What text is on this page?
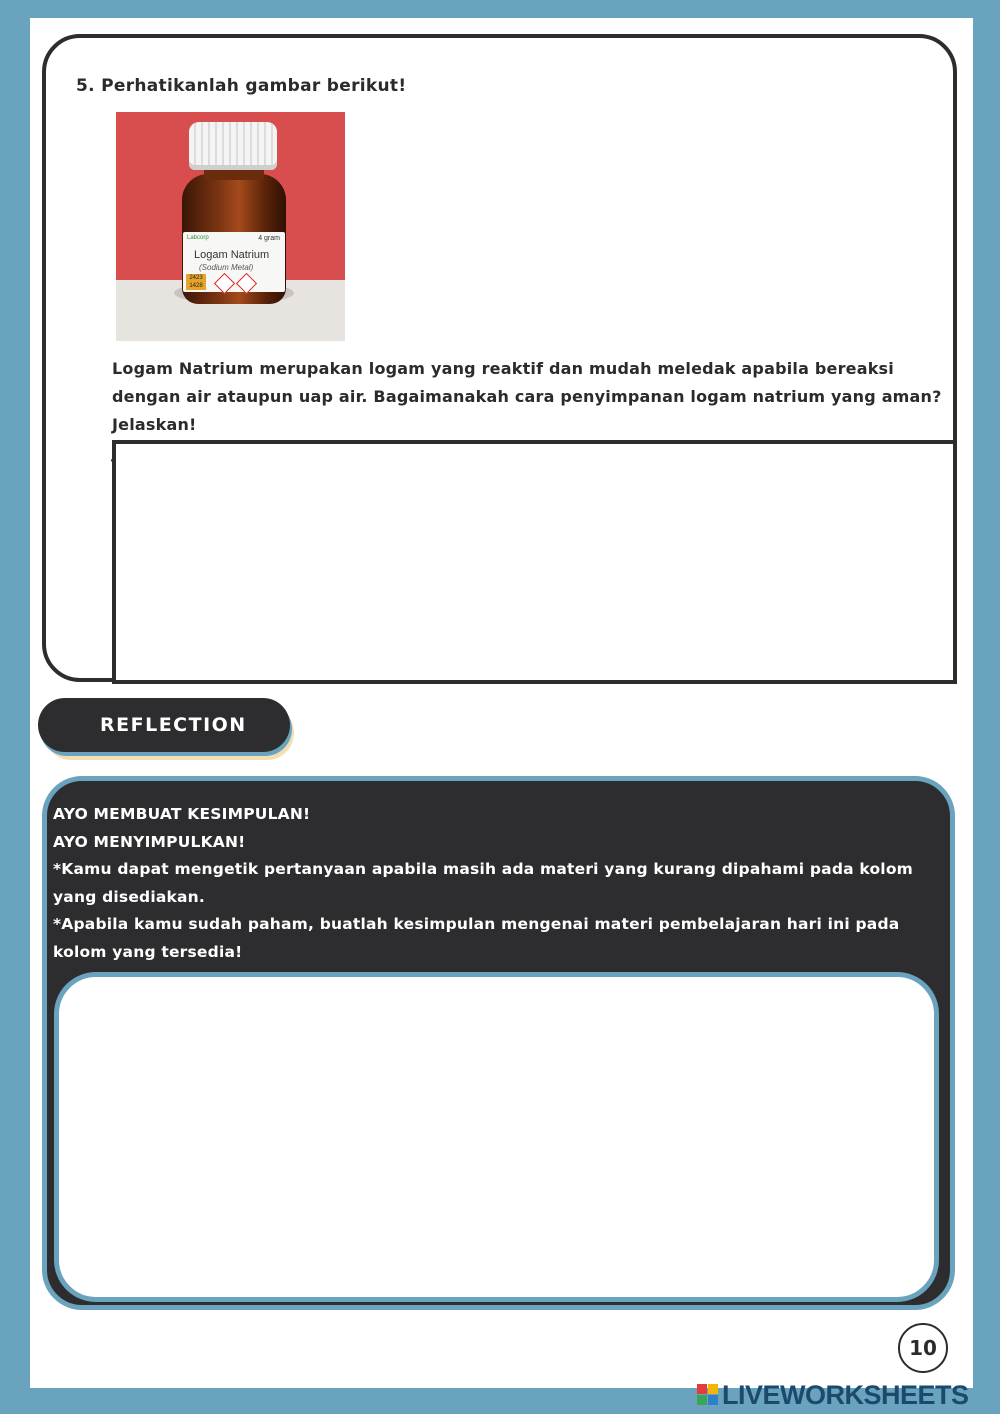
5. Perhatikanlah gambar berikut!
Labcorp	4 gram
Logam Natrium
(Sodium Metal)
2423
1428
Logam Natrium merupakan logam yang reaktif dan mudah meledak apabila bereaksi dengan air ataupun uap air. Bagaimanakah cara penyimpanan logam natrium yang aman? Jelaskan!
REFLECTION
AYO MEMBUAT KESIMPULAN!
AYO MENYIMPULKAN!
*Kamu dapat mengetik pertanyaan apabila masih ada materi yang kurang dipahami pada kolom yang disediakan.
*Apabila kamu sudah paham, buatlah kesimpulan mengenai materi pembelajaran hari ini pada kolom yang tersedia!
10
LIVEWORKSHEETS
